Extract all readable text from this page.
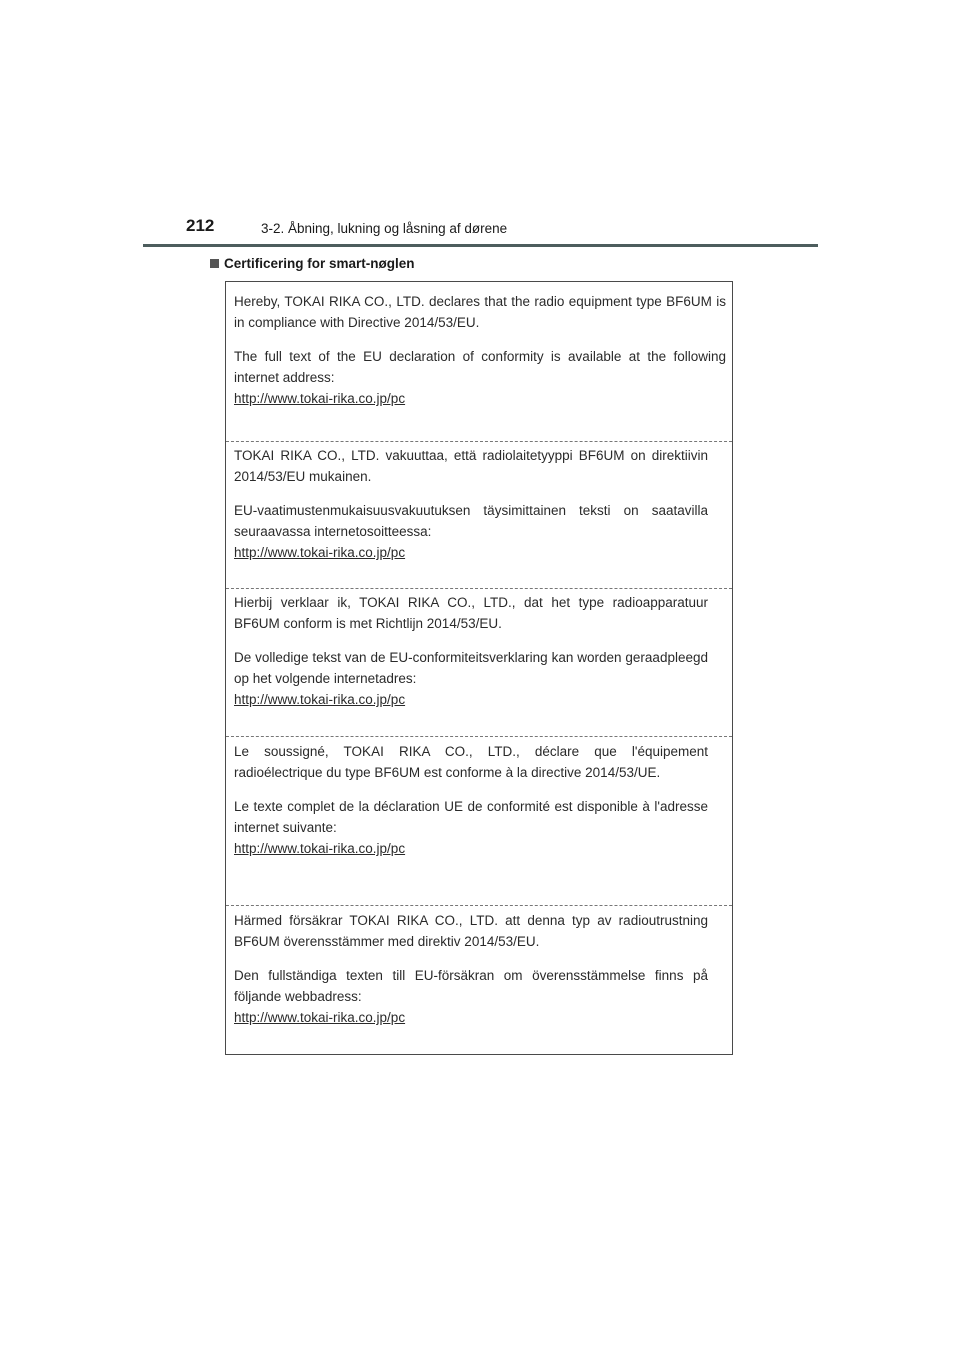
212	3-2. Åbning, lukning og låsning af dørene
Certificering for smart-nøglen

Hereby, TOKAI RIKA CO., LTD. declares that the radio equipment type BF6UM is in compliance with Directive 2014/53/EU.

The full text of the EU declaration of conformity is available at the following internet address:
http://www.tokai-rika.co.jp/pc

TOKAI RIKA CO., LTD. vakuuttaa, että radiolaitetyyppi BF6UM on direktiivin 2014/53/EU mukainen.

EU-vaatimustenmukaisuusvakuutuksen täysimittainen teksti on saatavilla seuraavassa internetosoitteessa:
http://www.tokai-rika.co.jp/pc

Hierbij verklaar ik, TOKAI RIKA CO., LTD., dat het type radioapparatuur BF6UM conform is met Richtlijn 2014/53/EU.

De volledige tekst van de EU-conformiteitsverklaring kan worden geraadpleegd op het volgende internetadres:
http://www.tokai-rika.co.jp/pc

Le soussigné, TOKAI RIKA CO., LTD., déclare que l'équipement radioélectrique du type BF6UM est conforme à la directive 2014/53/UE.

Le texte complet de la déclaration UE de conformité est disponible à l'adresse internet suivante:
http://www.tokai-rika.co.jp/pc

Härmed försäkrar TOKAI RIKA CO., LTD. att denna typ av radioutrustning BF6UM överensstämmer med direktiv 2014/53/EU.

Den fullständiga texten till EU-försäkran om överensstämmelse finns på följande webbadress:
http://www.tokai-rika.co.jp/pc
